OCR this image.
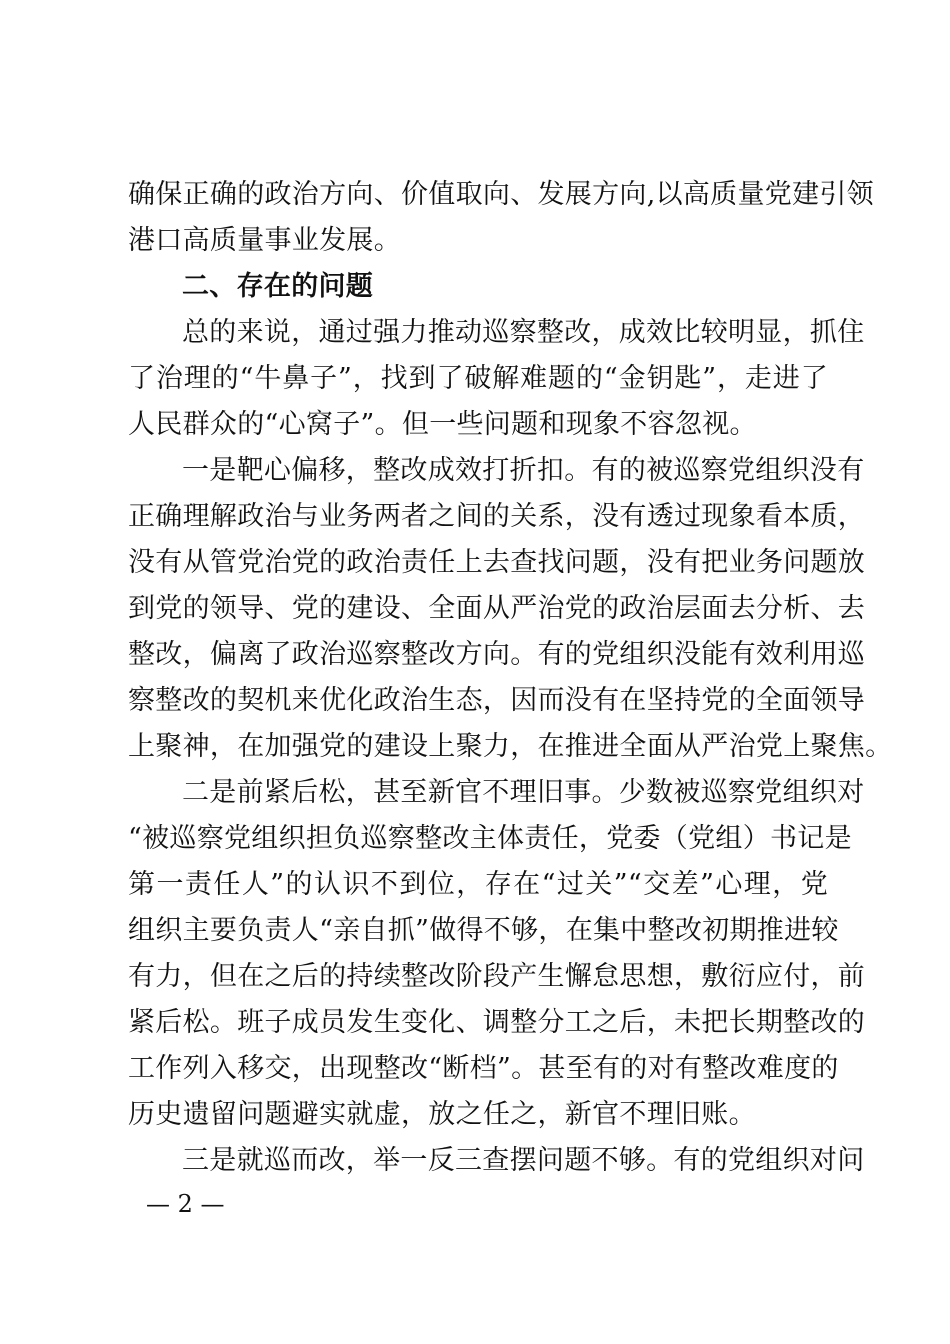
确保正确的政治方向、价值取向、发展方向,以高质量党建引领
港口高质量事业发展。
二、存在的问题
总的来说，通过强力推动巡察整改，成效比较明显，抓住
了治理的“牛鼻子”，找到了破解难题的“金钥匙”，走进了
人民群众的“心窝子”。但一些问题和现象不容忽视。
一是靶心偏移，整改成效打折扣。有的被巡察党组织没有
正确理解政治与业务两者之间的关系，没有透过现象看本质，
没有从管党治党的政治责任上去查找问题，没有把业务问题放
到党的领导、党的建设、全面从严治党的政治层面去分析、去
整改，偏离了政治巡察整改方向。有的党组织没能有效利用巡
察整改的契机来优化政治生态，因而没有在坚持党的全面领导
上聚神，在加强党的建设上聚力，在推进全面从严治党上聚焦。
二是前紧后松，甚至新官不理旧事。少数被巡察党组织对
“被巡察党组织担负巡察整改主体责任，党委（党组）书记是
第一责任人”的认识不到位，存在“过关”“交差”心理，党
组织主要负责人“亲自抓”做得不够，在集中整改初期推进较
有力，但在之后的持续整改阶段产生懈怠思想，敷衍应付，前
紧后松。班子成员发生变化、调整分工之后，未把长期整改的
工作列入移交，出现整改“断档”。甚至有的对有整改难度的
历史遗留问题避实就虚，放之任之，新官不理旧账。
三是就巡而改，举一反三查摆问题不够。有的党组织对问
— 2 —
